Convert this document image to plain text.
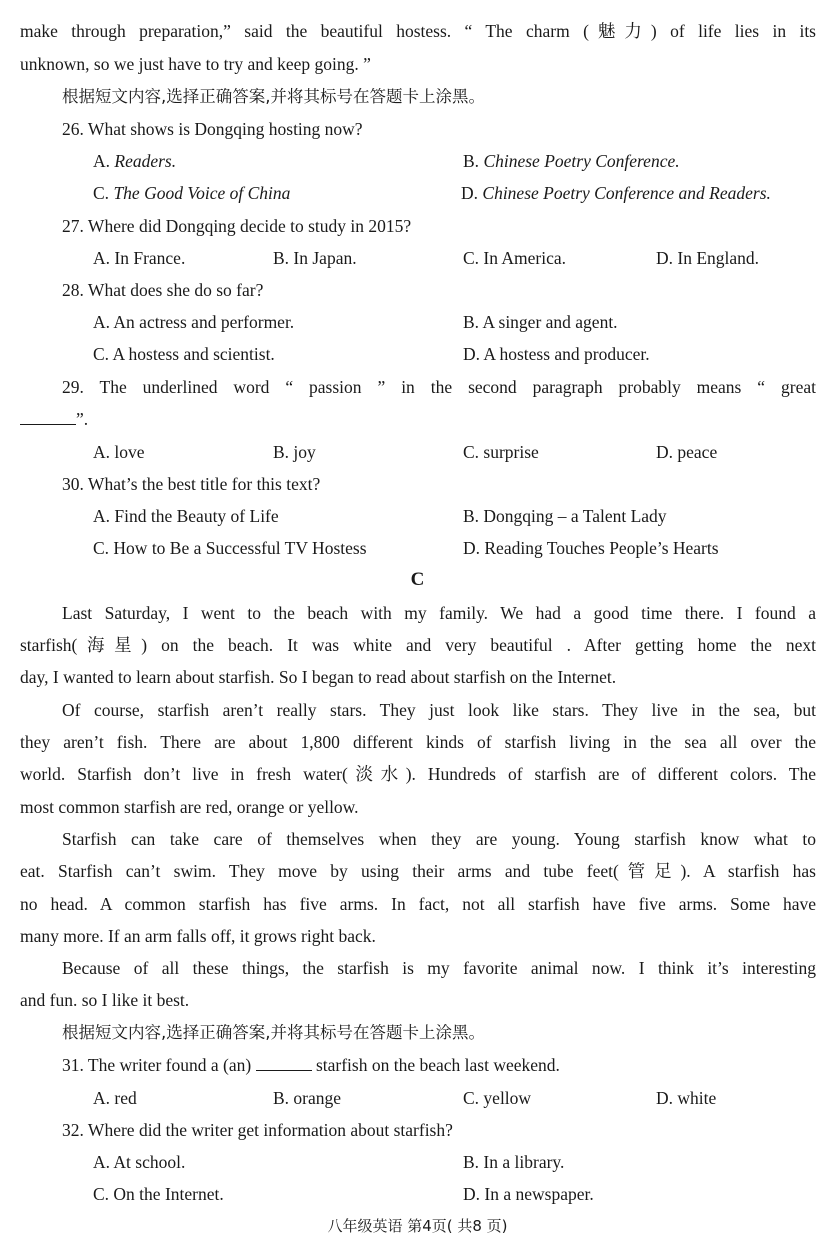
make through preparation,” said the beautiful hostess. “ The charm (魅力) of life lies in its
unknown, so we just have to try and keep going. ”
根据短文内容,选择正确答案,并将其标号在答题卡上涂黑。
26. What shows is Dongqing hosting now?
A. Readers.	B. Chinese Poetry Conference.
C. The Good Voice of China	D. Chinese Poetry Conference and Readers.
27. Where did Dongqing decide to study in 2015?
A. In France.	B. In Japan.	C. In America.	D. In England.
28. What does she do so far?
A. An actress and performer.	B. A singer and agent.
C. A hostess and scientist.	D. A hostess and producer.
29. The underlined word “ passion ” in the second paragraph probably means “ great
”.
A. love	B. joy	C. surprise	D. peace
30. What’s the best title for this text?
A. Find the Beauty of Life	B. Dongqing – a Talent Lady
C. How to Be a Successful TV Hostess	D. Reading Touches People’s Hearts
C
Last Saturday, I went to the beach with my family. We had a good time there. I found a
starfish(海星) on the beach. It was white and very beautiful . After getting home the next
day, I wanted to learn about starfish. So I began to read about starfish on the Internet.
Of course, starfish aren’t really stars. They just look like stars. They live in the sea, but
they aren’t fish. There are about 1,800 different kinds of starfish living in the sea all over the
world. Starfish don’t live in fresh water(淡水). Hundreds of starfish are of different colors. The
most common starfish are red, orange or yellow.
Starfish can take care of themselves when they are young. Young starfish know what to
eat. Starfish can’t swim. They move by using their arms and tube feet(管足). A starfish has
no head. A common starfish has five arms. In fact, not all starfish have five arms. Some have
many more. If an arm falls off, it grows right back.
Because of all these things, the starfish is my favorite animal now. I think it’s interesting
and fun. so I like it best.
根据短文内容,选择正确答案,并将其标号在答题卡上涂黑。
31. The writer found a (an)	starfish on the beach last weekend.
A. red	B. orange	C. yellow	D. white
32. Where did the writer get information about starfish?
A. At school.	B. In a library.
C. On the Internet.	D. In a newspaper.
八年级英语 第4页( 共8 页)
